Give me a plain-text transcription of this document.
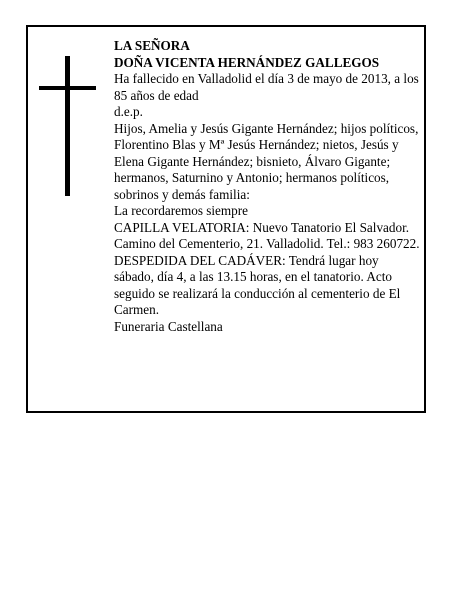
LA SEÑORA

DOÑA VICENTA HERNÁNDEZ GALLEGOS

Ha fallecido en Valladolid el día 3 de mayo de 2013, a los 85 años de edad

d.e.p.

Hijos, Amelia y Jesús Gigante Hernández; hijos políticos, Florentino Blas y Mª Jesús Hernández; nietos, Jesús y Elena Gigante Hernández; bisnieto, Álvaro Gigante; hermanos, Saturnino y Antonio; hermanos políticos, sobrinos y demás familia:

La recordaremos siempre

CAPILLA VELATORIA: Nuevo Tanatorio El Salvador. Camino del Cementerio, 21. Valladolid. Tel.: 983 260722.

DESPEDIDA DEL CADÁVER: Tendrá lugar hoy sábado, día 4, a las 13.15 horas, en el tanatorio. Acto seguido se realizará la conducción al cementerio de El Carmen.

Funeraria Castellana
